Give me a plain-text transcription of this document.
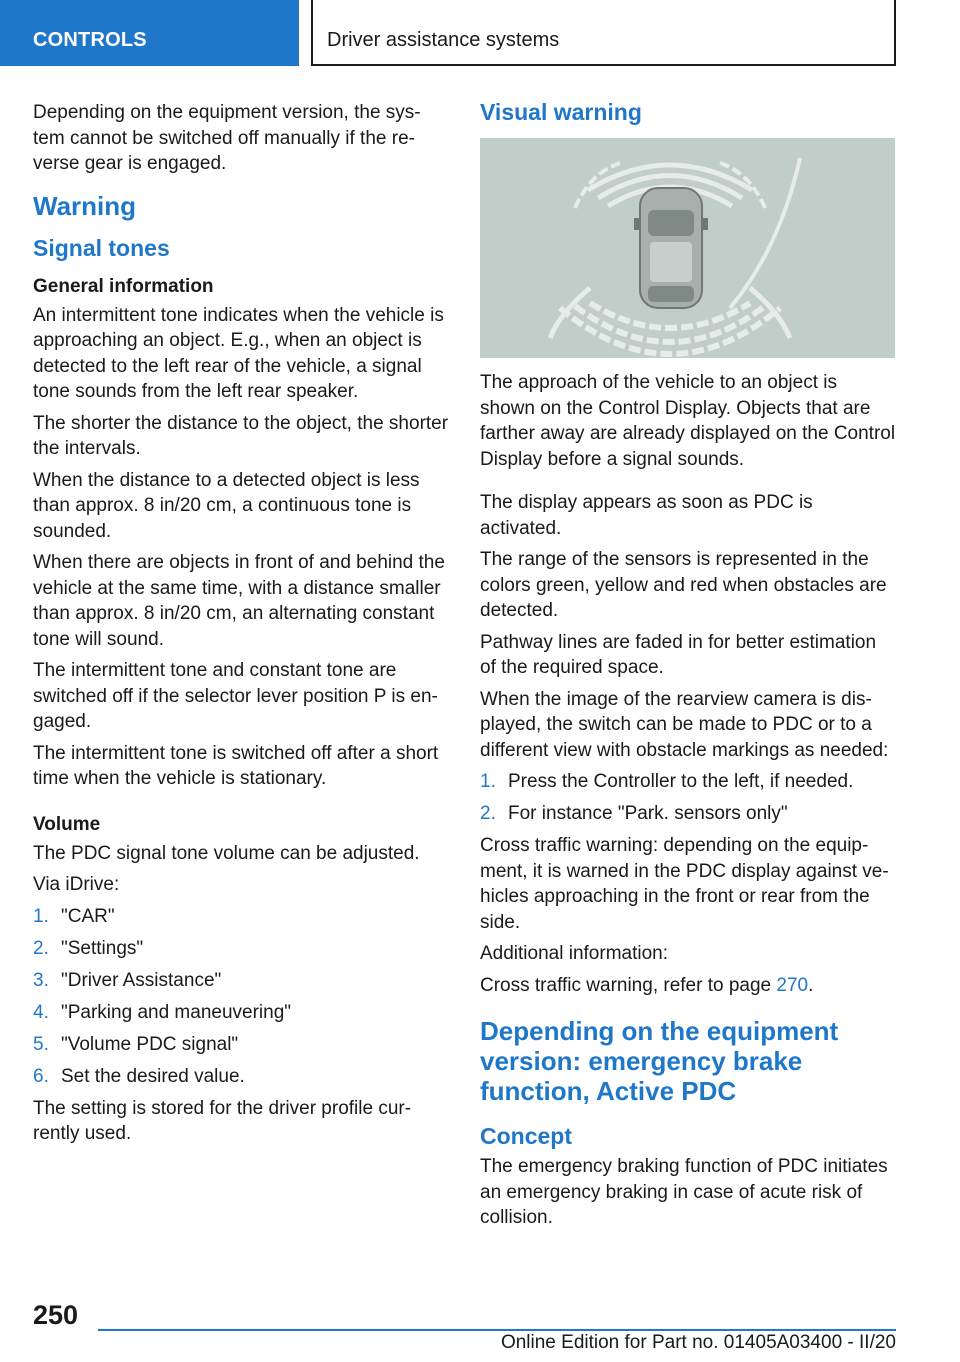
CONTROLS	Driver assistance systems

Depending on the equipment version, the sys-tem cannot be switched off manually if the re-verse gear is engaged.

Warning
Signal tones
General information

An intermittent tone indicates when the vehicle is approaching an object. E.g., when an object is detected to the left rear of the vehicle, a signal tone sounds from the left rear speaker.

The shorter the distance to the object, the shorter the intervals.

When the distance to a detected object is less than approx. 8 in/20 cm, a continuous tone is sounded.

When there are objects in front of and behind the vehicle at the same time, with a distance smaller than approx. 8 in/20 cm, an alternating constant tone will sound.

The intermittent tone and constant tone are switched off if the selector lever position P is en-gaged.

The intermittent tone is switched off after a short time when the vehicle is stationary.

Volume

The PDC signal tone volume can be adjusted.

Via iDrive:

1. "CAR"
2. "Settings"
3. "Driver Assistance"
4. "Parking and maneuvering"
5. "Volume PDC signal"
6. Set the desired value.

The setting is stored for the driver profile cur-rently used.

Visual warning

The approach of the vehicle to an object is shown on the Control Display. Objects that are farther away are already displayed on the Control Display before a signal sounds.

The display appears as soon as PDC is activated.

The range of the sensors is represented in the colors green, yellow and red when obstacles are detected.

Pathway lines are faded in for better estimation of the required space.

When the image of the rearview camera is dis-played, the switch can be made to PDC or to a different view with obstacle markings as needed:

1. Press the Controller to the left, if needed.
2. For instance "Park. sensors only"

Cross traffic warning: depending on the equip-ment, it is warned in the PDC display against ve-hicles approaching in the front or rear from the side.

Additional information:

Cross traffic warning, refer to page 270.

Depending on the equipment version: emergency brake function, Active PDC
Concept

The emergency braking function of PDC initiates an emergency braking in case of acute risk of collision.

250
Online Edition for Part no. 01405A03400 - II/20
